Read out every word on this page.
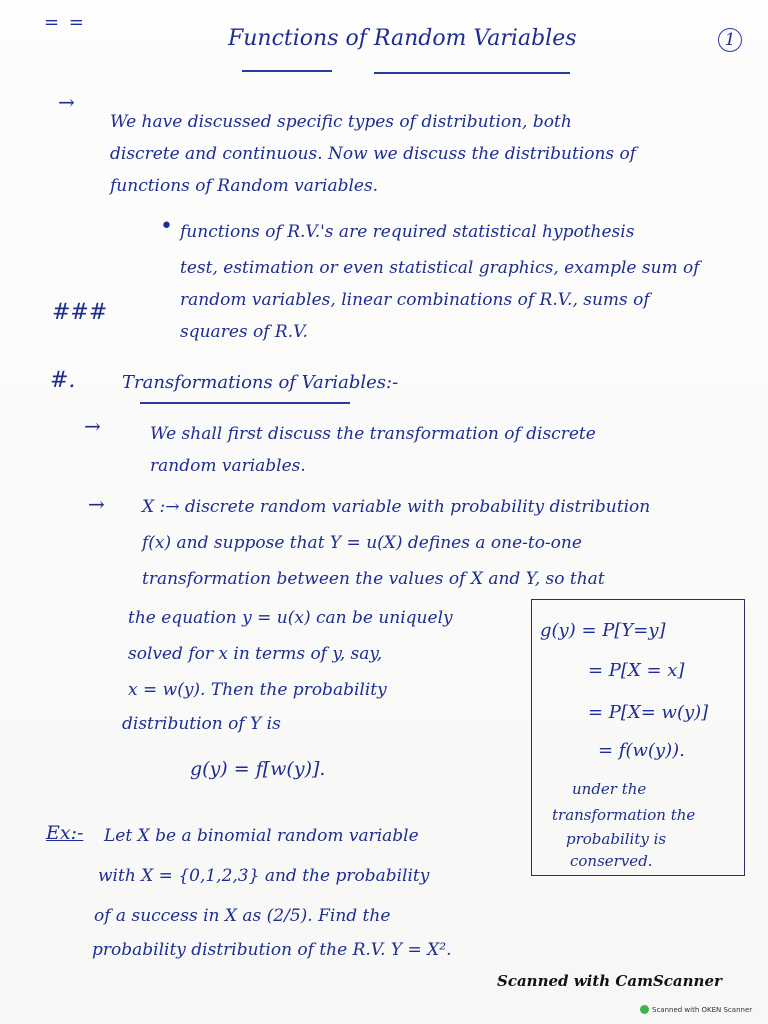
= =
Functions of Random Variables	1
→
We have discussed specific types of distribution, both
discrete and continuous. Now we discuss the distributions of
functions of Random variables.
• functions of R.V.'s are required statistical hypothesis
test, estimation or even statistical graphics, example sum of
random variables, linear combinations of R.V., sums of
squares of R.V.
###
#.	Transformations of Variables:-
→	We shall first discuss the transformation of discrete
random variables.
→ X :→ discrete random variable with probability distribution
f(x) and suppose that Y = u(X) defines a one-to-one
transformation between the values of X and Y, so that
the equation y = u(x) can be uniquely
solved for x in terms of y, say,
x = w(y). Then the probability
distribution of Y is
g(y) = f[w(y)].
g(y) = P[Y=y]
= P[X = x]
= P[X= w(y)]
= f(w(y)).
under the
transformation the
probability is
conserved.
Ex:- Let X be a binomial random variable
with X = {0,1,2,3} and the probability
of a success in X as (2/5). Find the
probability distribution of the R.V. Y = X².
Scanned with CamScanner
Scanned with OKEN Scanner
